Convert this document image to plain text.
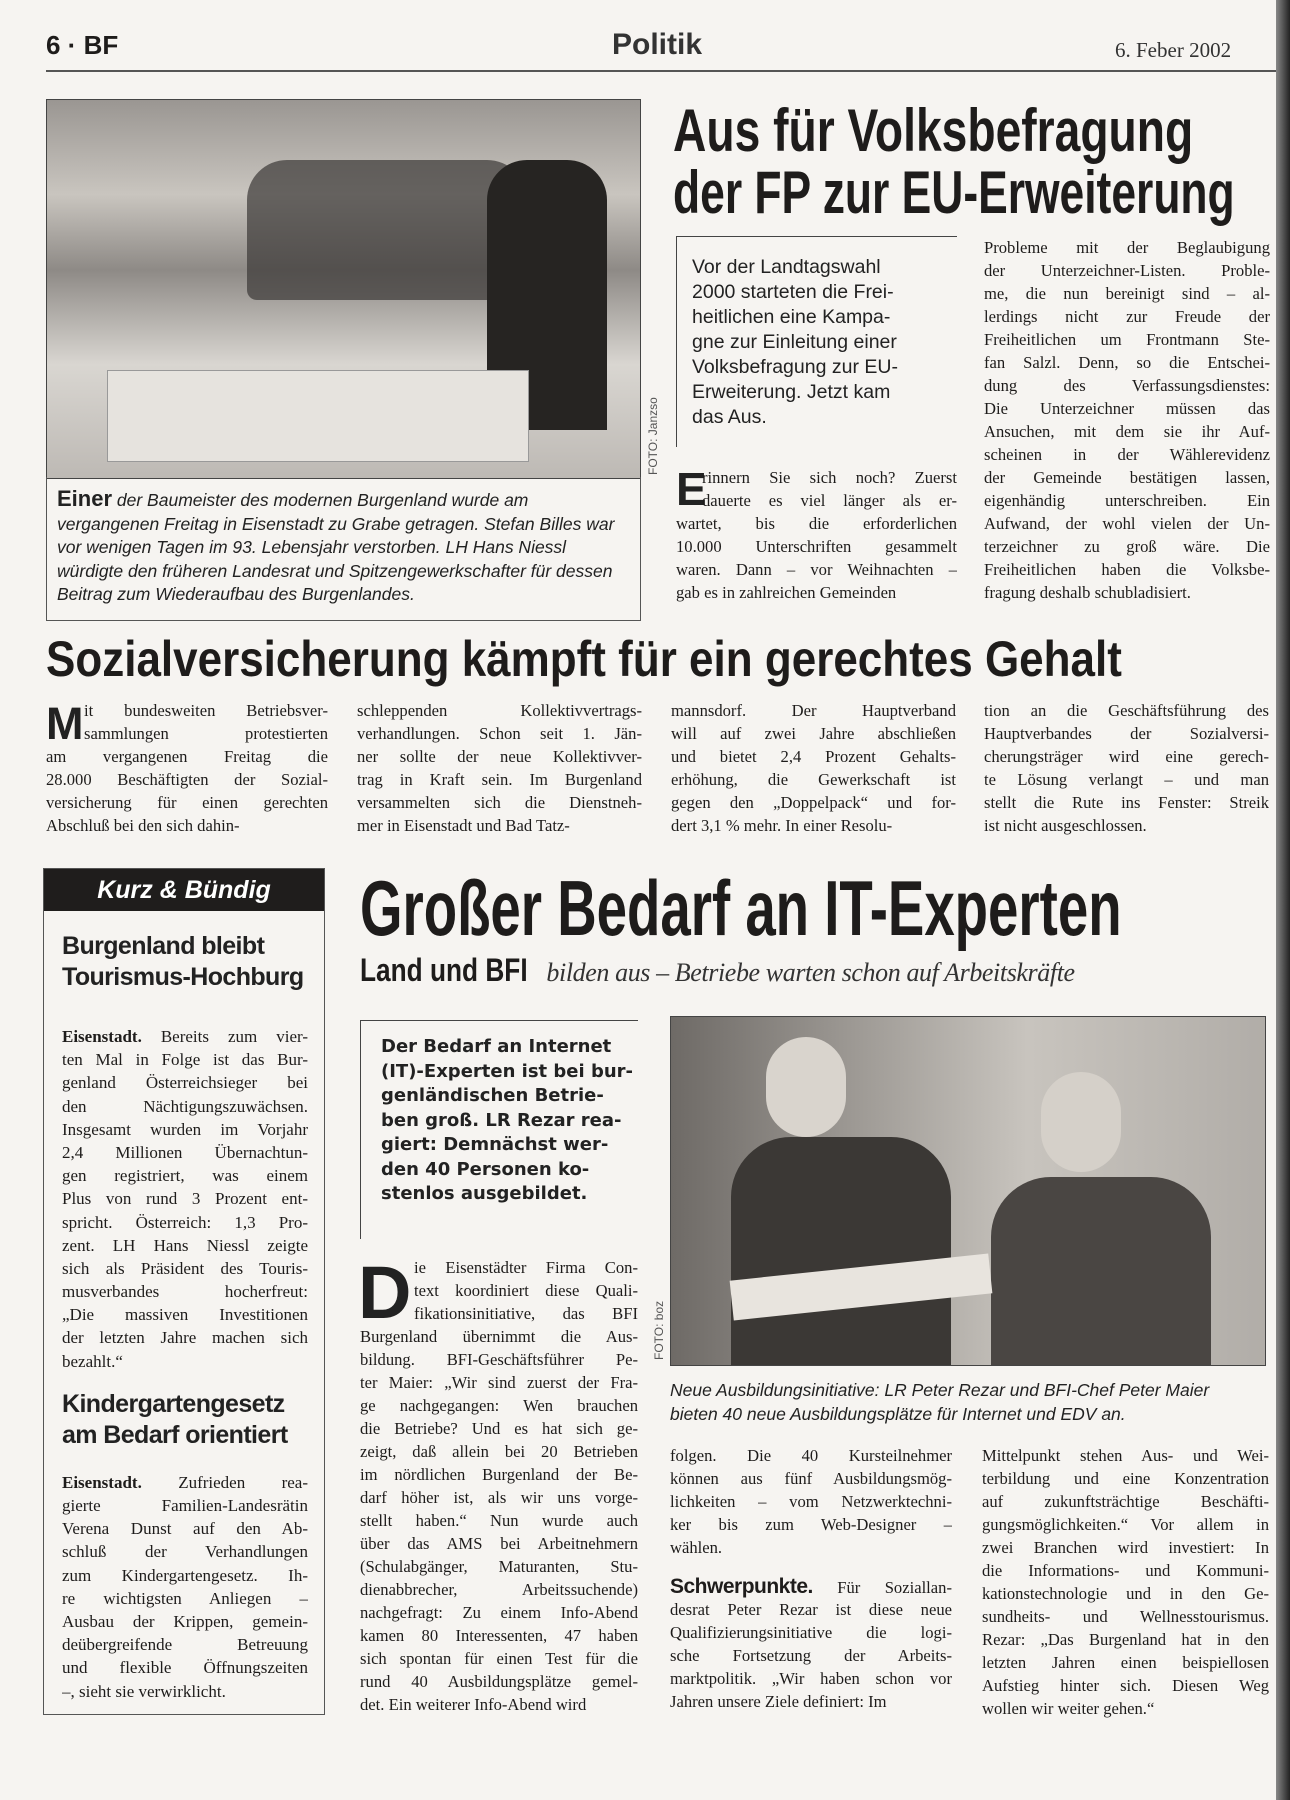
6 · BF	Politik	6. Feber 2002
FOTO: Janzso
Einer der Baumeister des modernen Burgenland wurde am vergangenen Freitag in Eisenstadt zu Grabe getragen. Stefan Billes war vor wenigen Tagen im 93. Lebensjahr verstorben. LH Hans Niessl würdigte den früheren Landesrat und Spitzengewerkschafter für dessen Beitrag zum Wiederaufbau des Burgenlandes.
Aus für Volksbefragung
der FP zur EU-Erweiterung
Vor der Landtagswahl
2000 starteten die Frei-
heitlichen eine Kampa-
gne zur Einleitung einer
Volksbefragung zur EU-
Erweiterung. Jetzt kam
das Aus.
E
rinnern Sie sich noch? Zuerst
dauerte es viel länger als er-
wartet, bis die erforderlichen
10.000 Unterschriften gesammelt
waren. Dann – vor Weihnachten –
gab es in zahlreichen Gemeinden
Probleme mit der Beglaubigung
der Unterzeichner-Listen. Proble-
me, die nun bereinigt sind – al-
lerdings nicht zur Freude der
Freiheitlichen um Frontmann Ste-
fan Salzl. Denn, so die Entschei-
dung des Verfassungsdienstes:
Die Unterzeichner müssen das
Ansuchen, mit dem sie ihr Auf-
scheinen in der Wählerevidenz
der Gemeinde bestätigen lassen,
eigenhändig unterschreiben. Ein
Aufwand, der wohl vielen der Un-
terzeichner zu groß wäre. Die
Freiheitlichen haben die Volksbe-
fragung deshalb schubladisiert.
Sozialversicherung kämpft für ein gerechtes Gehalt
M it bundesweiten Betriebsver-
sammlungen protestierten
am vergangenen Freitag die
28.000 Beschäftigten der Sozial-
versicherung für einen gerechten
Abschluß bei den sich dahin-
schleppenden Kollektivvertrags-
verhandlungen. Schon seit 1. Jän-
ner sollte der neue Kollektivver-
trag in Kraft sein. Im Burgenland
versammelten sich die Dienstneh-
mer in Eisenstadt und Bad Tatz-
mannsdorf. Der Hauptverband
will auf zwei Jahre abschließen
und bietet 2,4 Prozent Gehalts-
erhöhung, die Gewerkschaft ist
gegen den „Doppelpack“ und for-
dert 3,1 % mehr. In einer Resolu-
tion an die Geschäftsführung des
Hauptverbandes der Sozialversi-
cherungsträger wird eine gerech-
te Lösung verlangt – und man
stellt die Rute ins Fenster: Streik
ist nicht ausgeschlossen.
Kurz & Bündig
Burgenland bleibt
Tourismus-Hochburg
Eisenstadt. Bereits zum vier-
ten Mal in Folge ist das Bur-
genland Österreichsieger bei
den Nächtigungszuwächsen.
Insgesamt wurden im Vorjahr
2,4 Millionen Übernachtun-
gen registriert, was einem
Plus von rund 3 Prozent ent-
spricht. Österreich: 1,3 Pro-
zent. LH Hans Niessl zeigte
sich als Präsident des Touris-
musverbandes hocherfreut:
„Die massiven Investitionen
der letzten Jahre machen sich
bezahlt.“
Kindergartengesetz
am Bedarf orientiert
Eisenstadt. Zufrieden rea-
gierte Familien-Landesrätin
Verena Dunst auf den Ab-
schluß der Verhandlungen
zum Kindergartengesetz. Ih-
re wichtigsten Anliegen –
Ausbau der Krippen, gemein-
deübergreifende Betreuung
und flexible Öffnungszeiten
–, sieht sie verwirklicht.
Großer Bedarf an IT-Experten
Land und BFI bilden aus – Betriebe warten schon auf Arbeitskräfte
Der Bedarf an Internet
(IT)-Experten ist bei bur-
genländischen Betrie-
ben groß. LR Rezar rea-
giert: Demnächst wer-
den 40 Personen ko-
stenlos ausgebildet.
D ie Eisenstädter Firma Con-
text koordiniert diese Quali-
fikationsinitiative, das BFI
Burgenland übernimmt die Aus-
bildung. BFI-Geschäftsführer Pe-
ter Maier: „Wir sind zuerst der Fra-
ge nachgegangen: Wen brauchen
die Betriebe? Und es hat sich ge-
zeigt, daß allein bei 20 Betrieben
im nördlichen Burgenland der Be-
darf höher ist, als wir uns vorge-
stellt haben.“ Nun wurde auch
über das AMS bei Arbeitnehmern
(Schulabgänger, Maturanten, Stu-
dienabbrecher, Arbeitssuchende)
nachgefragt: Zu einem Info-Abend
kamen 80 Interessenten, 47 haben
sich spontan für einen Test für die
rund 40 Ausbildungsplätze gemel-
det. Ein weiterer Info-Abend wird
FOTO: boz
Neue Ausbildungsinitiative: LR Peter Rezar und BFI-Chef Peter Maier bieten 40 neue Ausbildungsplätze für Internet und EDV an.
folgen. Die 40 Kursteilnehmer
können aus fünf Ausbildungsmög-
lichkeiten – vom Netzwerktechni-
ker bis zum Web-Designer –
wählen.
Schwerpunkte. Für Soziallan-
desrat Peter Rezar ist diese neue
Qualifizierungsinitiative die logi-
sche Fortsetzung der Arbeits-
marktpolitik. „Wir haben schon vor
Jahren unsere Ziele definiert: Im
Mittelpunkt stehen Aus- und Wei-
terbildung und eine Konzentration
auf zukunftsträchtige Beschäfti-
gungsmöglichkeiten.“ Vor allem in
zwei Branchen wird investiert: In
die Informations- und Kommuni-
kationstechnologie und in den Ge-
sundheits- und Wellnesstourismus.
Rezar: „Das Burgenland hat in den
letzten Jahren einen beispiellosen
Aufstieg hinter sich. Diesen Weg
wollen wir weiter gehen.“
